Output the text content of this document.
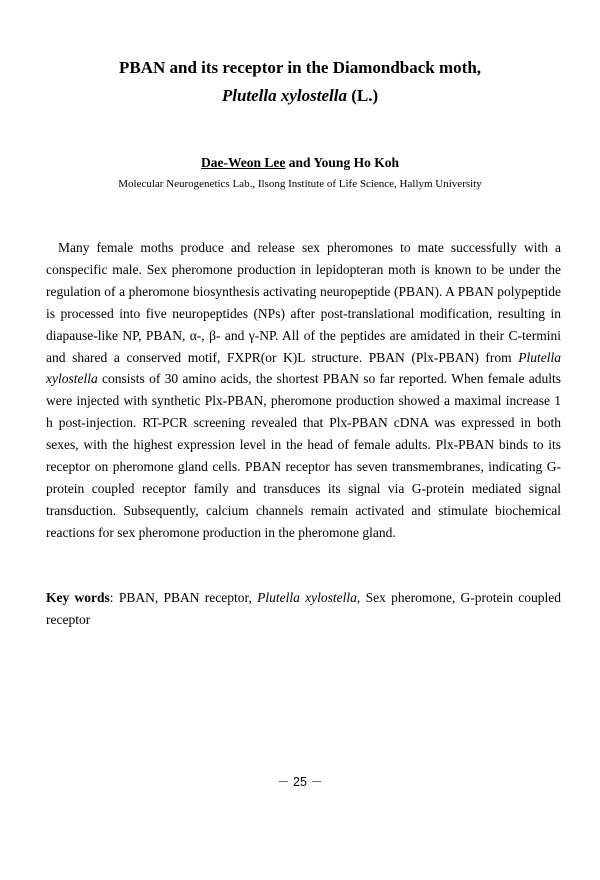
PBAN and its receptor in the Diamondback moth,
Plutella xylostella (L.)
Dae-Weon Lee and Young Ho Koh
Molecular Neurogenetics Lab., Ilsong Institute of Life Science, Hallym University

Many female moths produce and release sex pheromones to mate successfully with a conspecific male. Sex pheromone production in lepidopteran moth is known to be under the regulation of a pheromone biosynthesis activating neuropeptide (PBAN). A PBAN polypeptide is processed into five neuropeptides (NPs) after post-translational modification, resulting in diapause-like NP, PBAN, α-, β- and γ-NP. All of the peptides are amidated in their C-termini and shared a conserved motif, FXPR(or K)L structure. PBAN (Plx-PBAN) from Plutella xylostella consists of 30 amino acids, the shortest PBAN so far reported. When female adults were injected with synthetic Plx-PBAN, pheromone production showed a maximal increase 1 h post-injection. RT-PCR screening revealed that Plx-PBAN cDNA was expressed in both sexes, with the highest expression level in the head of female adults. Plx-PBAN binds to its receptor on pheromone gland cells. PBAN receptor has seven transmembranes, indicating G-protein coupled receptor family and transduces its signal via G-protein mediated signal transduction. Subsequently, calcium channels remain activated and stimulate biochemical reactions for sex pheromone production in the pheromone gland.

Key words: PBAN, PBAN receptor, Plutella xylostella, Sex pheromone, G-protein coupled receptor

－ 25 －
